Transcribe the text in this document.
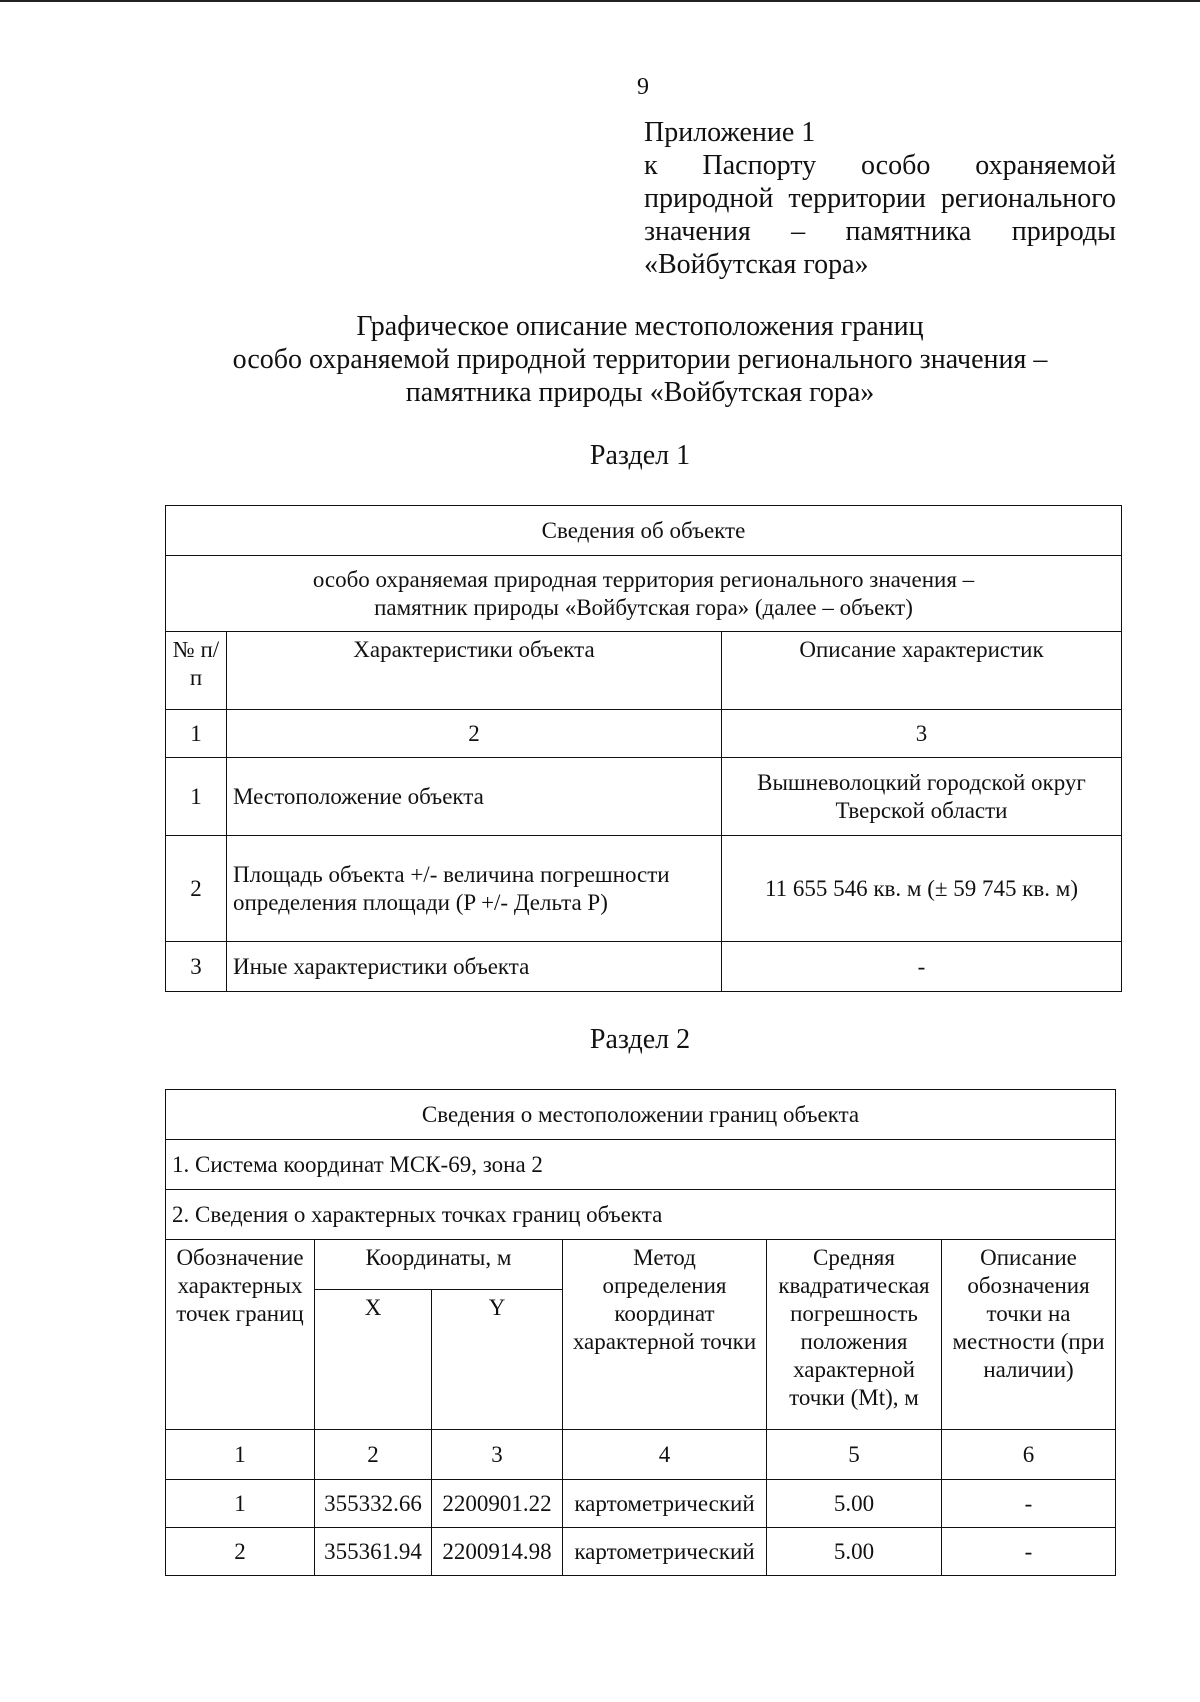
9
Приложение 1
к Паспорту особо охраняемой
природной территории регионального
значения – памятника природы
«Войбутская гора»
Графическое описание местоположения границ
особо охраняемой природной территории регионального значения –
памятника природы «Войбутская гора»
Раздел 1
Сведения об объекте		

особо охраняемая природная территория регионального значения –
памятник природы «Войбутская гора» (далее – объект)		

№ п/п	Характеристики объекта	Описание характеристик
1	2	3
1	Местоположение объекта	Вышневолоцкий городской округ Тверской области
2	Площадь объекта +/- величина погрешности определения площади (P +/- Дельта P)	11 655 546 кв. м (± 59 745 кв. м)
3	Иные характеристики объекта	-
Раздел 2
Сведения о местоположении границ объекта					
1. Система координат МСК-69, зона 2					
2. Сведения о характерных точках границ объекта					
Обозначение характерных точек границ	Координаты, м		Метод определения координат характерной точки	Средняя квадратическая погрешность положения характерной точки (Mt), м	Описание обозначения точки на местности (при наличии)
	X	Y			
1	2	3	4	5	6
1	355332.66	2200901.22	картометрический	5.00	-
2	355361.94	2200914.98	картометрический	5.00	-
